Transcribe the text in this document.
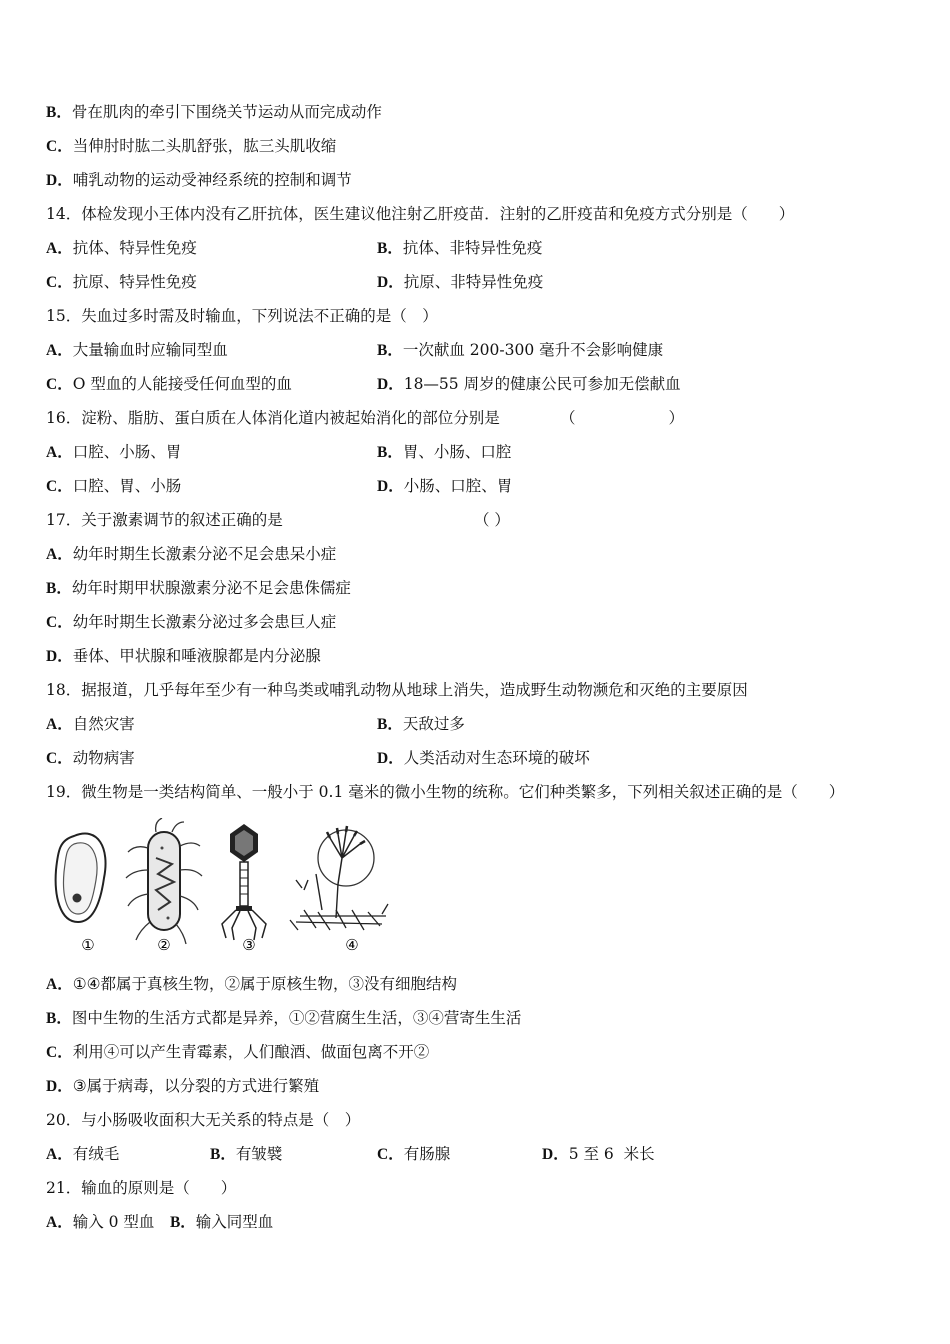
B．骨在肌肉的牵引下围绕关节运动从而完成动作
C．当伸肘时肱二头肌舒张，肱三头肌收缩
D．哺乳动物的运动受神经系统的控制和调节
14．体检发现小王体内没有乙肝抗体，医生建议他注射乙肝疫苗．注射的乙肝疫苗和免疫方式分别是（　　）
A．抗体、特异性免疫	B．抗体、非特异性免疫
C．抗原、特异性免疫	D．抗原、非特异性免疫
15．失血过多时需及时输血，下列说法不正确的是（　）
A．大量输血时应输同型血	B．一次献血 200-300 毫升不会影响健康
C．O 型血的人能接受任何血型的血	D．18—55 周岁的健康公民可参加无偿献血
16．淀粉、脂肪、蛋白质在人体消化道内被起始消化的部位分别是	（　　　　　　）
A．口腔、小肠、胃	B．胃、小肠、口腔
C．口腔、胃、小肠	D．小肠、口腔、胃
17．关于激素调节的叙述正确的是	（ ）
A．幼年时期生长激素分泌不足会患呆小症
B．幼年时期甲状腺激素分泌不足会患侏儒症
C．幼年时期生长激素分泌过多会患巨人症
D．垂体、甲状腺和唾液腺都是内分泌腺
18．据报道，几乎每年至少有一种鸟类或哺乳动物从地球上消失，造成野生动物濒危和灭绝的主要原因
A．自然灾害	B．天敌过多
C．动物病害	D．人类活动对生态环境的破坏
19．微生物是一类结构简单、一般小于 0.1 毫米的微小生物的统称。它们种类繁多，下列相关叙述正确的是（　　）
①	②	③	④
A．①④都属于真核生物，②属于原核生物，③没有细胞结构
B．图中生物的生活方式都是异养，①②营腐生生活，③④营寄生生活
C．利用④可以产生青霉素，人们酿酒、做面包离不开②
D．③属于病毒，以分裂的方式进行繁殖
20．与小肠吸收面积大无关系的特点是（　）
A．有绒毛	B．有皱襞	C．有肠腺	D．5 至 6  米长
21．输血的原则是（　　）
A．输入 0 型血　 B．输入同型血
